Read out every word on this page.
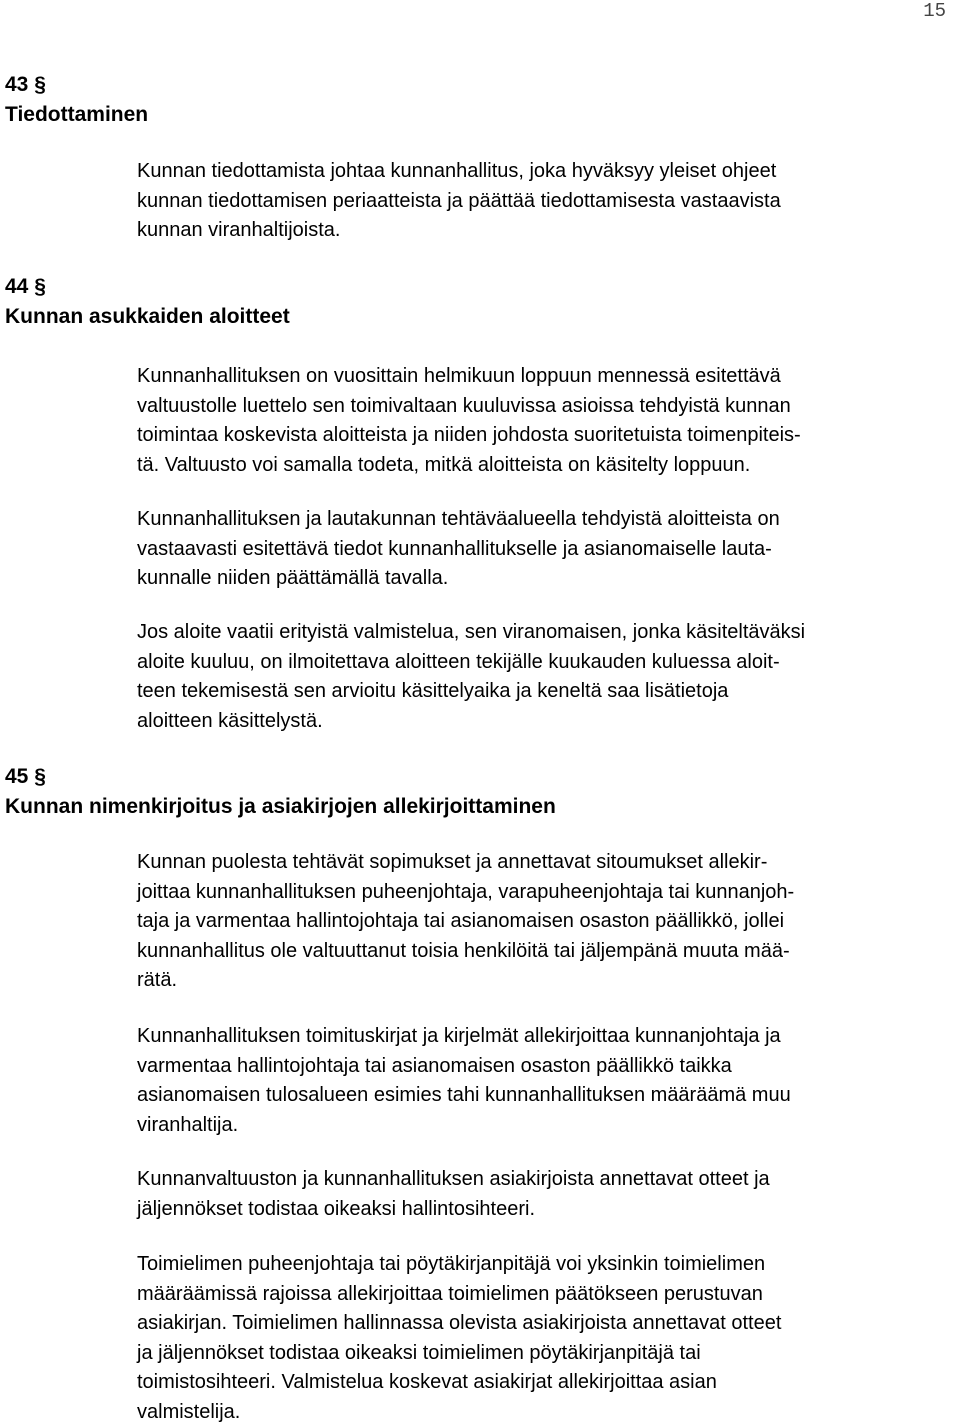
15
43 §
Tiedottaminen

Kunnan tiedottamista johtaa kunnanhallitus, joka hyväksyy yleiset ohjeet
kunnan tiedottamisen periaatteista ja päättää tiedottamisesta vastaavista
kunnan viranhaltijoista.

44 §
Kunnan asukkaiden aloitteet

Kunnanhallituksen on vuosittain helmikuun loppuun mennessä esitettävä
valtuustolle luettelo sen toimivaltaan kuuluvissa asioissa tehdyistä kunnan
toimintaa koskevista aloitteista ja niiden johdosta suoritetuista toimenpiteis-
tä. Valtuusto voi samalla todeta, mitkä aloitteista on käsitelty loppuun.

Kunnanhallituksen ja lautakunnan tehtäväalueella tehdyistä aloitteista on
vastaavasti esitettävä tiedot kunnanhallitukselle ja asianomaiselle lauta-
kunnalle niiden päättämällä tavalla.

Jos aloite vaatii erityistä valmistelua, sen viranomaisen, jonka käsiteltäväksi
aloite kuuluu, on ilmoitettava aloitteen tekijälle kuukauden kuluessa aloit-
teen tekemisestä sen arvioitu käsittelyaika ja keneltä saa lisätietoja
aloitteen käsittelystä.

45 §
Kunnan nimenkirjoitus ja asiakirjojen allekirjoittaminen

Kunnan puolesta tehtävät sopimukset ja annettavat sitoumukset allekir-
joittaa kunnanhallituksen puheenjohtaja, varapuheenjohtaja tai kunnanjoh-
taja ja varmentaa hallintojohtaja tai asianomaisen osaston päällikkö, jollei
kunnanhallitus ole valtuuttanut toisia henkilöitä tai jäljempänä muuta mää-
rätä.

Kunnanhallituksen toimituskirjat ja kirjelmät allekirjoittaa kunnanjohtaja ja
varmentaa hallintojohtaja tai asianomaisen osaston päällikkö taikka
asianomaisen tulosalueen esimies tahi kunnanhallituksen määräämä muu
viranhaltija.

Kunnanvaltuuston ja kunnanhallituksen asiakirjoista annettavat otteet ja
jäljennökset todistaa oikeaksi hallintosihteeri.

Toimielimen puheenjohtaja tai pöytäkirjanpitäjä voi yksinkin toimielimen
määräämissä rajoissa allekirjoittaa toimielimen päätökseen perustuvan
asiakirjan. Toimielimen hallinnassa olevista asiakirjoista annettavat otteet
ja jäljennökset todistaa oikeaksi toimielimen pöytäkirjanpitäjä tai
toimistosihteeri. Valmistelua koskevat asiakirjat allekirjoittaa asian
valmistelija.
